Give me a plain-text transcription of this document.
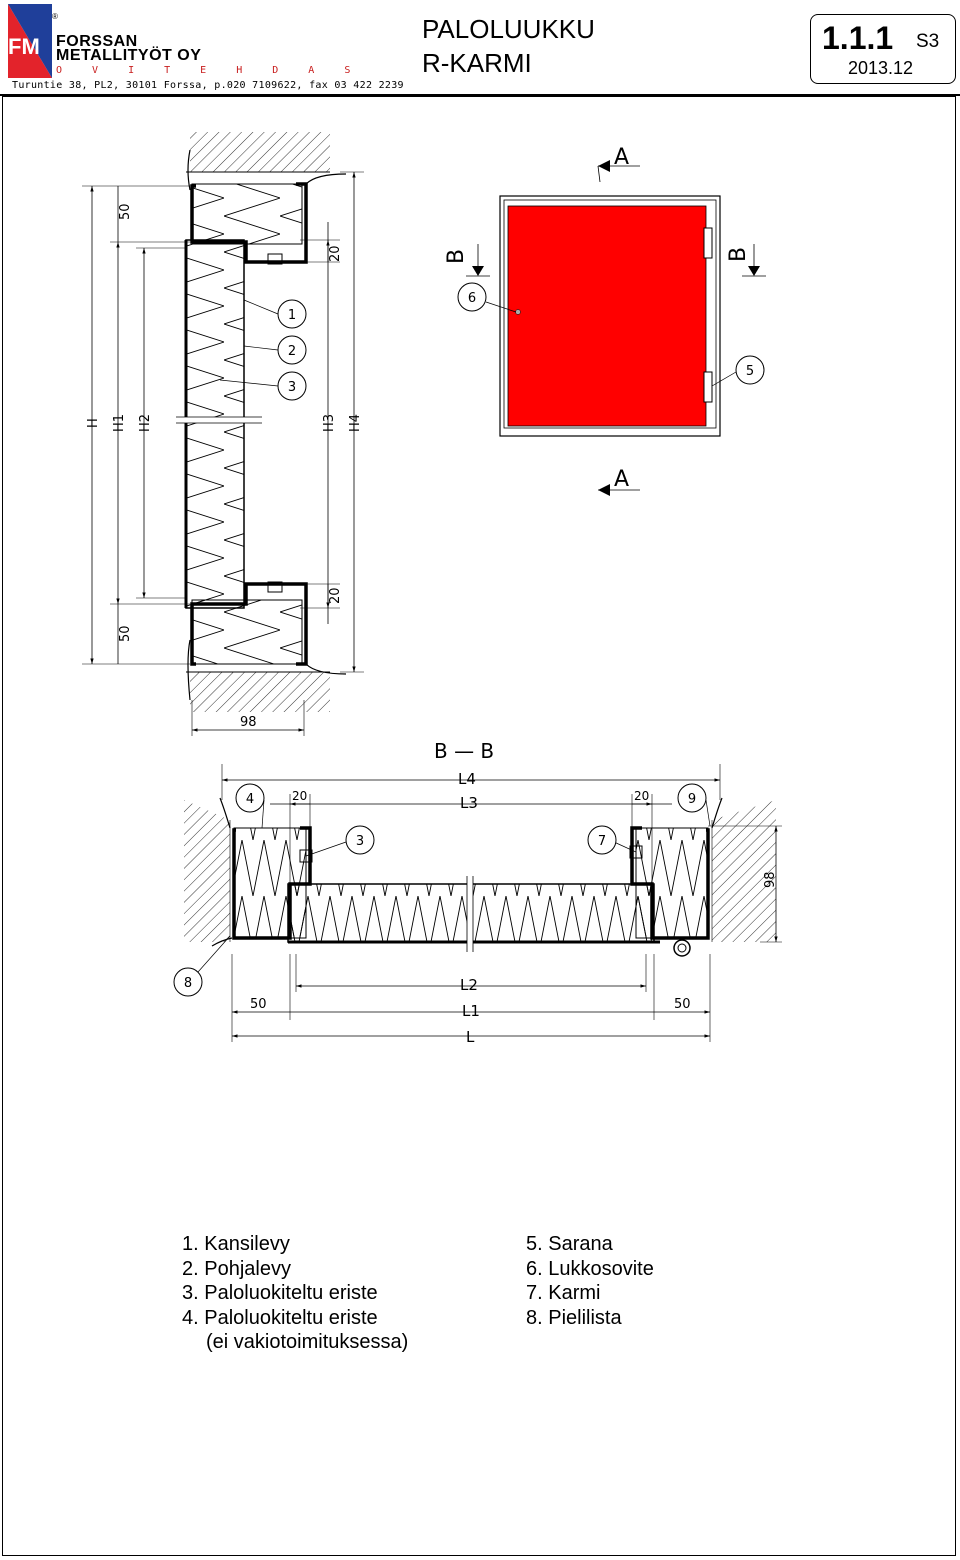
FM
®
FORSSAN
METALLITYÖT OY
O V I T E H D A S
Turuntie 38, PL2, 30101 Forssa, p.020 7109622, fax 03 422 2239
PALOLUUKKU
R-KARMI
1.1.1 S3
2013.12
50
H H1 H2
50
20
20
H3 H4
98
1
2
3
6
5
A
A
B	B
B — B
L4
L3
20	20
98
L2
L1
L
50	50
4
3	7
9
8
1. Kansilevy
2. Pohjalevy
3. Paloluokiteltu eriste
4. Paloluokiteltu eriste
(ei vakiotoimituksessa)
5. Sarana
6. Lukkosovite
7. Karmi
8. Pielilista
